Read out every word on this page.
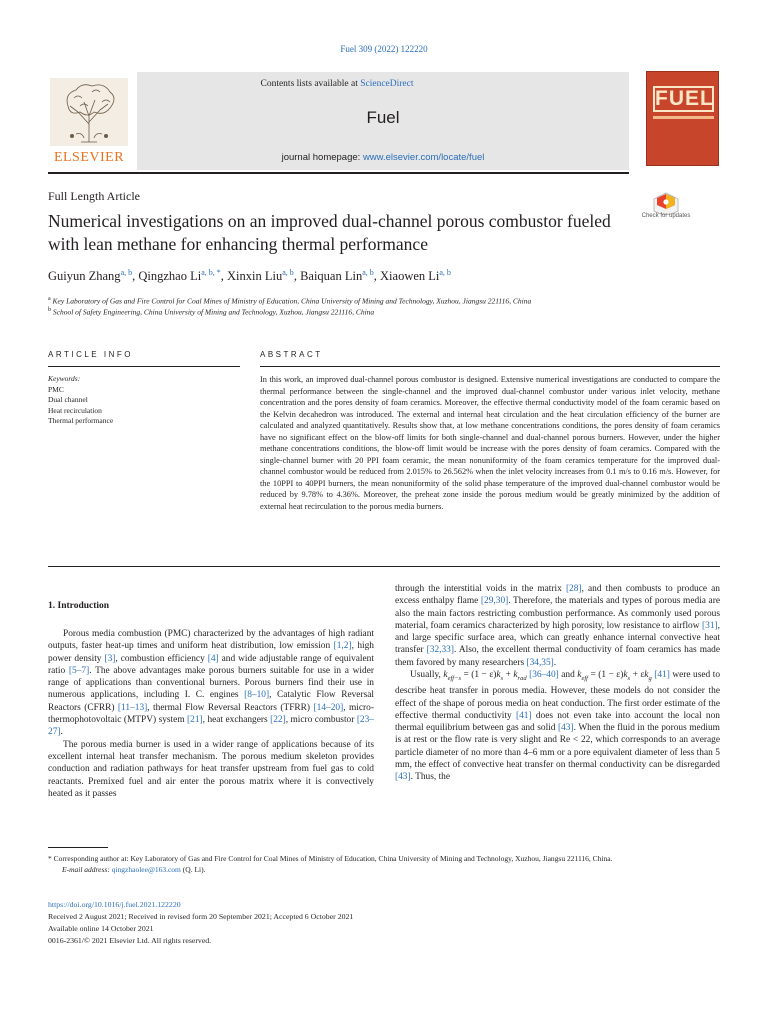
Fuel 309 (2022) 122220
Contents lists available at ScienceDirect
Fuel
journal homepage: www.elsevier.com/locate/fuel
ELSEVIER
FUEL
Full Length Article
Numerical investigations on an improved dual-channel porous combustor fueled with lean methane for enhancing thermal performance
Check for updates
Guiyun Zhang$^{a, b}$, Qingzhao $Li^{a, b, *}$, Xinxin Liu$^{a, b}$, Baiquan Lin$^{a, b}$, Xiaowen Li$^{a, b}$
$^a$ Key Laboratory of Gas and Fire Control for Coal Mines of Ministry of Education, China University of Mining and Technology, Xuzhou, Jiangsu 221116, China
$^b$ School of Safety Engineering, China University of Mining and Technology, Xuzhou, Jiangsu 221116, China
ARTICLE INFO	ABSTRACT
Keywords:
PMC
Dual channel
Heat recirculation
Thermal performance
In this work, an improved dual-channel porous combustor is designed. Extensive numerical investigations are conducted to compare the thermal performance between the single-channel and the improved dual-channel combustor under various inlet velocity, methane concentration and the pores density of foam ceramics. Moreover, the effective thermal conductivity model of the foam ceramic based on the Kelvin decahedron was introduced. The external and internal heat circulation and the heat circulation efficiency of the burner are calculated and analyzed quantitatively. Results show that, at low methane concentrations conditions, the pores density of foam ceramics have no significant effect on the blow-off limits for both single-channel and dual-channel porous burners. However, under the higher methane concentrations conditions, the blow-off limit would be increase with the pores density of foam ceramics. Compared with the single-channel burner with 20 PPI foam ceramic, the mean nonuniformity of the foam ceramics temperature for the improved dual-channel combustor would be reduced from 2.015% to 26.562% when the inlet velocity increases from 0.1 m/s to 0.16 m/s. However, for the 10PPI to 40PPI burners, the mean nonuniformity of the solid phase temperature of the improved dual-channel combustor would be reduced by 9.78% to 4.36%. Moreover, the preheat zone inside the porous medium would be greatly minimized by the addition of external heat recirculation to the porous media burners.
1. Introduction

Porous media combustion (PMC) characterized by the advantages of high radiant outputs, faster heat-up times and uniform heat distribution, low emission [1,2], high power density [3], combustion efficiency [4] and wide adjustable range of equivalent ratio [5–7]. The above advantages make porous burners suitable for use in a wider range of applications than conventional burners. Porous burners find their use in numerous applications, including I. C. engines [8–10], Catalytic Flow Reversal Reactors (CFRR) [11–13], thermal Flow Reversal Reactors (TFRR) [14–20], micro-thermophotovoltaic (MTPV) system [21], heat exchangers [22], micro combustor [23–27].

The porous media burner is used in a wider range of applications because of its excellent internal heat transfer mechanism. The porous medium skeleton provides conduction and radiation pathways for heat transfer upstream from fuel gas to cold reactants. Premixed fuel and air enter the porous matrix where it is convectively heated as it passes

through the interstitial voids in the matrix [28], and then combusts to produce an excess enthalpy flame [29,30]. Therefore, the materials and types of porous media are also the main factors restricting combustion performance. As commonly used porous material, foam ceramics characterized by high porosity, low resistance to airflow [31], and large specific surface area, which can greatly enhance internal convective heat transfer [32,33]. Also, the excellent thermal conductivity of foam ceramics has made them favored by many researchers [34,35].

Usually, $k_{eff-s} = (1 - \varepsilon)k_s + k_{rad}$ [36–40] and $k_{eff} = (1 - \varepsilon)k_s + \varepsilon k_g$ [41] were used to describe heat transfer in porous media. However, these models do not consider the effect of the shape of porous media on heat conduction. The first order estimate of the effective thermal conductivity [41] does not even take into account the local non thermal equilibrium between gas and solid [43]. When the fluid in the porous medium is at rest or the flow rate is very slight and Re < 22, which corresponds to an average particle diameter of no more than 4–6 mm or a pore equivalent diameter of less than 5 mm, the effect of convective heat transfer on thermal conductivity can be disregarded [43]. Thus, the

* Corresponding author at: Key Laboratory of Gas and Fire Control for Coal Mines of Ministry of Education, China University of Mining and Technology, Xuzhou, Jiangsu 221116, China.
E-mail address: qingzhaolee@163.com (Q. Li).
https://doi.org/10.1016/j.fuel.2021.122220
Received 2 August 2021; Received in revised form 20 September 2021; Accepted 6 October 2021
Available online 14 October 2021
0016-2361/© 2021 Elsevier Ltd. All rights reserved.
